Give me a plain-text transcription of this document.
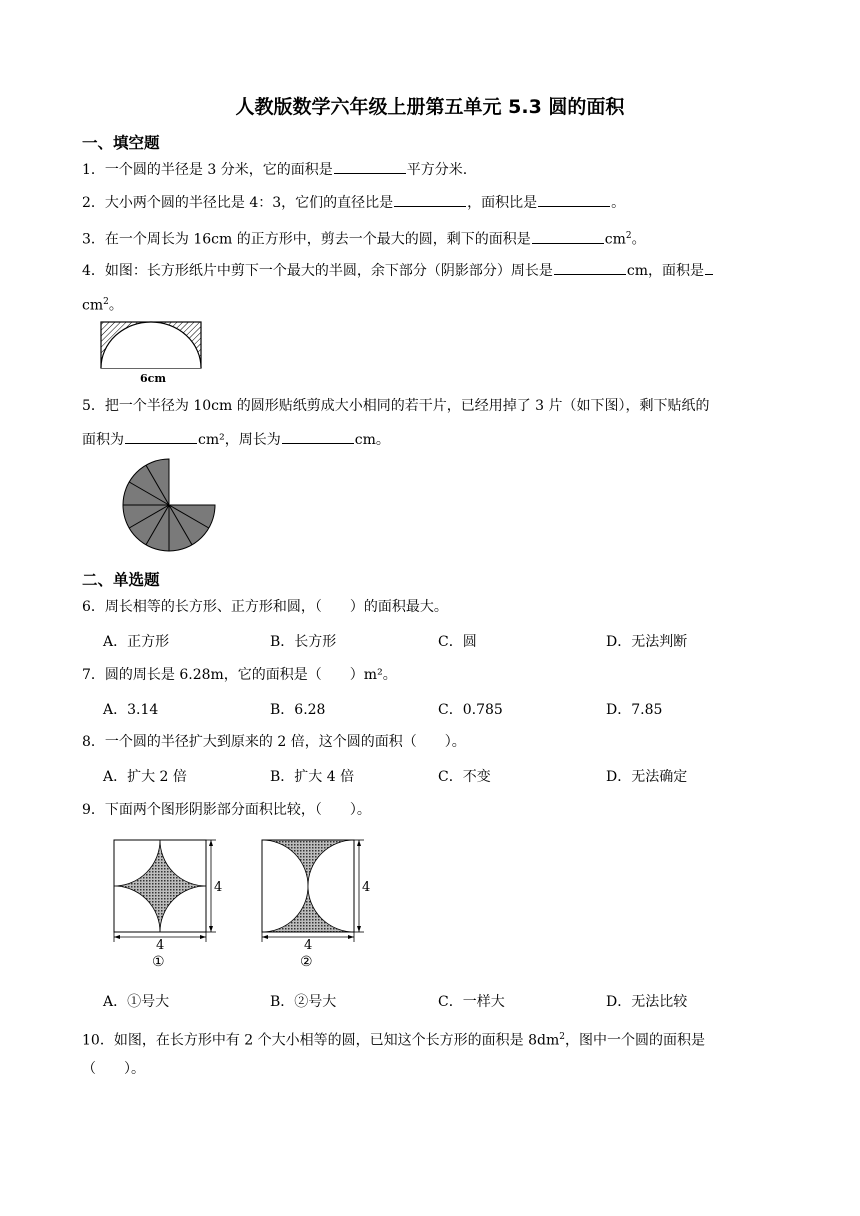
人教版数学六年级上册第五单元 5.3 圆的面积
一、填空题
1．一个圆的半径是 3 分米，它的面积是	平方分米.
2．大小两个圆的半径比是 4：3，它们的直径比是	，面积比是	。
3．在一个周长为 16cm 的正方形中，剪去一个最大的圆，剩下的面积是	$cm^2$。
4．如图：长方形纸片中剪下一个最大的半圆，余下部分（阴影部分）周长是	cm，面积是
$cm^2$。
6cm
5．把一个半径为 10cm 的圆形贴纸剪成大小相同的若干片，已经用掉了 3 片（如下图），剩下贴纸的
面积为	cm²，周长为	cm。
二、单选题
6．周长相等的长方形、正方形和圆，（　　）的面积最大。
A．正方形	B．长方形	C．圆	D．无法判断
7．圆的周长是 6.28m，它的面积是（　　）m²。
A．3.14	B．6.28	C．0.785	D．7.85
8．一个圆的半径扩大到原来的 2 倍，这个圆的面积（　　）。
A．扩大 2 倍	B．扩大 4 倍	C．不变	D．无法确定
9．下面两个图形阴影部分面积比较，（　　）。
4
4
①
4
4
②
A．①号大	B．②号大	C．一样大	D．无法比较
10．如图，在长方形中有 2 个大小相等的圆，已知这个长方形的面积是 $8dm^2$，图中一个圆的面积是
（　　）。
